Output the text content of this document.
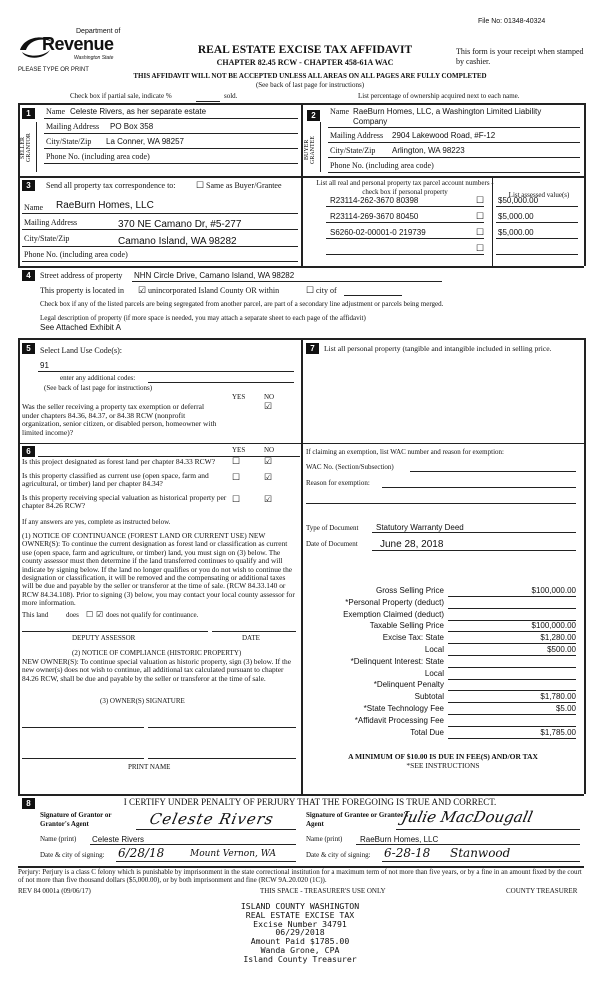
File No: 01348-40324
Department of
Revenue
Washington State
PLEASE TYPE OR PRINT
REAL ESTATE EXCISE TAX AFFIDAVIT
CHAPTER 82.45 RCW - CHAPTER 458-61A WAC
This form is your receipt when stamped by cashier.
THIS AFFIDAVIT WILL NOT BE ACCEPTED UNLESS ALL AREAS ON ALL PAGES ARE FULLY COMPLETED
(See back of last page for instructions)
Check box if partial sale, indicate %	sold.	List percentage of ownership acquired next to each name.
1
SELLER GRANTOR
Name Celeste Rivers, as her separate estate
Mailing Address PO Box 358
City/State/Zip La Conner, WA 98257
Phone No. (including area code)
2
BUYER GRANTEE
Name RaeBurn Homes, LLC, a Washington Limited Liability
Company
Mailing Address 2904 Lakewood Road, #F-12
City/State/Zip Arlington, WA 98223
Phone No. (including area code)
3	Send all property tax correspondence to: ☐ Same as Buyer/Grantee
Name RaeBurn Homes, LLC
Mailing Address	370 NE Camano Dr, #5-277
City/State/Zip	Camano Island, WA 98282
Phone No. (including area code)
List all real and personal property tax parcel account numbers - check box if personal property	List assessed value(s)
R23114-262-3670 80398	☐ $50,000.00
R23114-269-3670 80450	☐ $5,000.00
S6260-02-00001-0 219739	☐ $5,000.00
☐
4	Street address of property NHN Circle Drive, Camano Island, WA 98282
This property is located in ☑ unincorporated Island County OR within	☐ city of
Check box if any of the listed parcels are being segregated from another parcel, are part of a secondary line adjustment or parcels being merged.
Legal description of property (if more space is needed, you may attach a separate sheet to each page of the affidavit)
See Attached Exhibit A
5	Select Land Use Code(s):
91
enter any additional codes:
(See back of last page for instructions)
YES	NO
Was the seller receiving a property tax exemption or deferral under chapters 84.36, 84.37, or 84.38 RCW (nonprofit organization, senior citizen, or disabled person, homeowner with limited income)?
☑
6	YES	NO
Is this project designated as forest land per chapter 84.33 RCW?	☐	☑
Is this property classified as current use (open space, farm and agricultural, or timber) land per chapter 84.34?
☐	☑
Is this property receiving special valuation as historical property per chapter 84.26 RCW?
☐	☑
If any answers are yes, complete as instructed below.
(1) NOTICE OF CONTINUANCE (FOREST LAND OR CURRENT USE) NEW OWNER(S): To continue the current designation as forest land or classification as current use (open space, farm and agriculture, or timber) land, you must sign on (3) below. The county assessor must then determine if the land transferred continues to qualify and will indicate by signing below. If the land no longer qualifies or you do not wish to continue the designation or classification, it will be removed and the compensating or additional taxes will be due and payable by the seller or transferor at the time of sale. (RCW 84.33.140 or RCW 84.34.108). Prior to signing (3) below, you may contact your local county assessor for more information.
This land	does ☐ ☑ does not qualify for continuance.
DEPUTY ASSESSOR	DATE
(2) NOTICE OF COMPLIANCE (HISTORIC PROPERTY)
NEW OWNER(S): To continue special valuation as historic property, sign (3) below. If the new owner(s) does not wish to continue, all additional tax calculated pursuant to chapter 84.26 RCW, shall be due and payable by the seller or transferor at the time of sale.
(3) OWNER(S) SIGNATURE
PRINT NAME
7	List all personal property (tangible and intangible included in selling price.
If claiming an exemption, list WAC number and reason for exemption:
WAC No. (Section/Subsection)
Reason for exemption:
Type of Document Statutory Warranty Deed
Date of Document June 28, 2018
Gross Selling Price	$100,000.00
*Personal Property (deduct)
Exemption Claimed (deduct)
Taxable Selling Price	$100,000.00
Excise Tax: State	$1,280.00
Local	$500.00
*Delinquent Interest: State
Local
*Delinquent Penalty
Subtotal	$1,780.00
*State Technology Fee	$5.00
*Affidavit Processing Fee
Total Due	$1,785.00
A MINIMUM OF $10.00 IS DUE IN FEE(S) AND/OR TAX
*SEE INSTRUCTIONS
8	I CERTIFY UNDER PENALTY OF PERJURY THAT THE FOREGOING IS TRUE AND CORRECT.
Signature of Grantor or Grantor's Agent	Celeste Rivers
Name (print) Celeste Rivers
Date & city of signing: 6/28/18	Mount Vernon, WA
Signature of Grantee or Grantee's Agent	Julie MacDougall
Name (print) RaeBurn Homes, LLC
Date & city of signing: 6-28-18 Stanwood
Perjury: Perjury is a class C felony which is punishable by imprisonment in the state correctional institution for a maximum term of not more than five years, or by a fine in an amount fixed by the court of not more than five thousand dollars ($5,000.00), or by both imprisonment and fine (RCW 9A.20.020 (1C)).
REV 84 0001a (09/06/17)	THIS SPACE - TREASURER'S USE ONLY	COUNTY TREASURER
ISLAND COUNTY WASHINGTON
REAL ESTATE EXCISE TAX
Excise Number 34791
06/29/2018
Amount Paid $1785.00
Wanda Grone, CPA
Island County Treasurer
